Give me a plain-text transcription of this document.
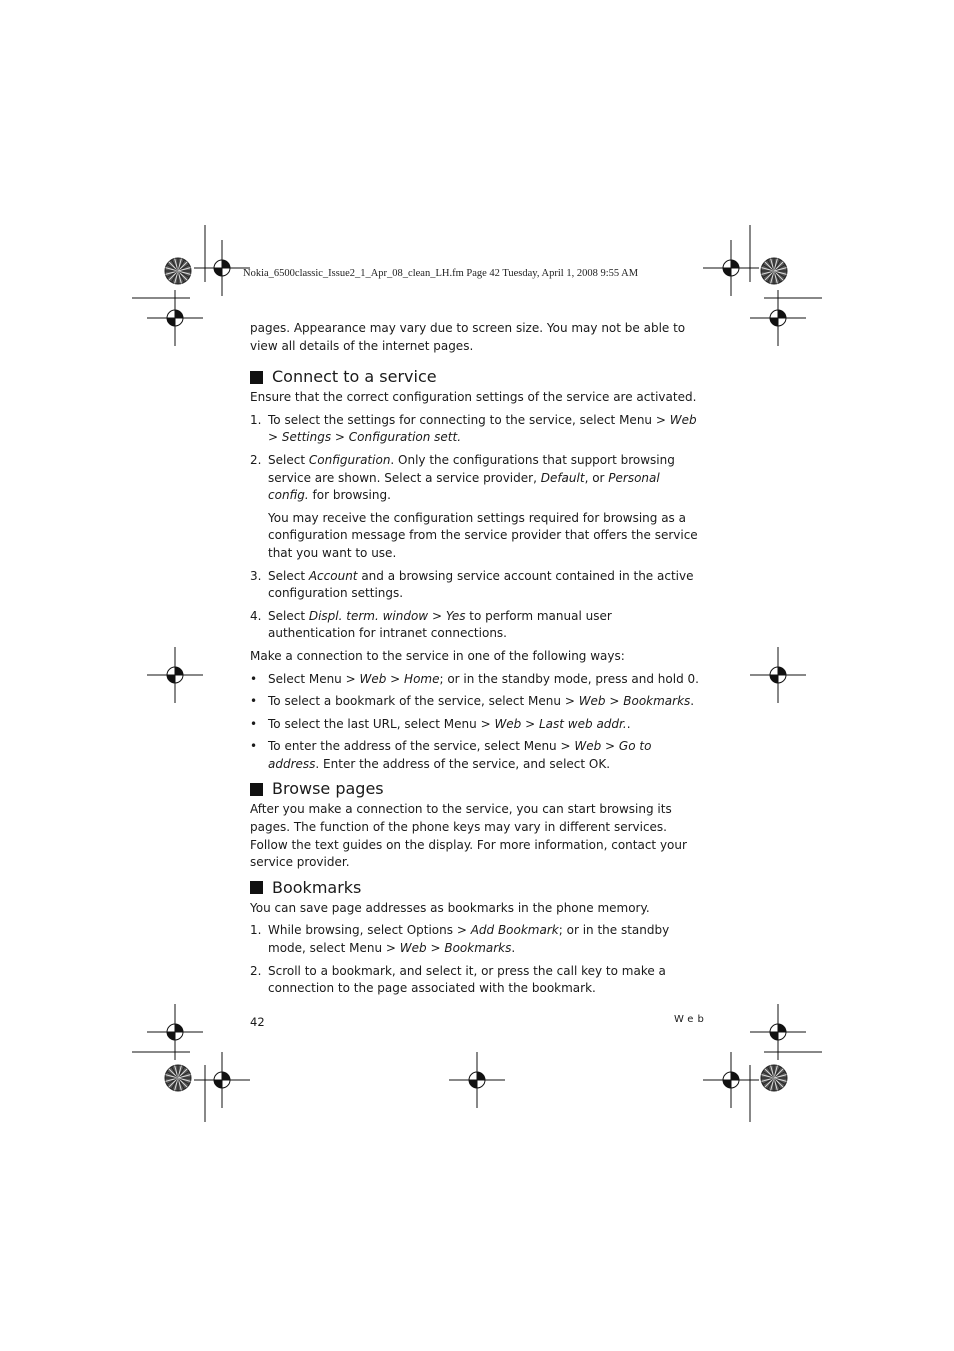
Nokia_6500classic_Issue2_1_Apr_08_clean_LH.fm Page 42 Tuesday, April 1, 2008 9:55 AM

pages. Appearance may vary due to screen size. You may not be able to view all details of the internet pages.

Connect to a service

Ensure that the correct configuration settings of the service are activated.

1. To select the settings for connecting to the service, select Menu > Web > Settings > Configuration sett.
2. Select Configuration. Only the configurations that support browsing service are shown. Select a service provider, Default, or Personal config. for browsing.
You may receive the configuration settings required for browsing as a configuration message from the service provider that offers the service that you want to use.
3. Select Account and a browsing service account contained in the active configuration settings.
4. Select Displ. term. window > Yes to perform manual user authentication for intranet connections.

Make a connection to the service in one of the following ways:

• Select Menu > Web > Home; or in the standby mode, press and hold 0.
• To select a bookmark of the service, select Menu > Web > Bookmarks.
• To select the last URL, select Menu > Web > Last web addr..
• To enter the address of the service, select Menu > Web > Go to address. Enter the address of the service, and select OK.
Browse pages

After you make a connection to the service, you can start browsing its pages. The function of the phone keys may vary in different services. Follow the text guides on the display. For more information, contact your service provider.

Bookmarks

You can save page addresses as bookmarks in the phone memory.

1. While browsing, select Options > Add Bookmark; or in the standby mode, select Menu > Web > Bookmarks.
2. Scroll to a bookmark, and select it, or press the call key to make a connection to the page associated with the bookmark.
42	Web
